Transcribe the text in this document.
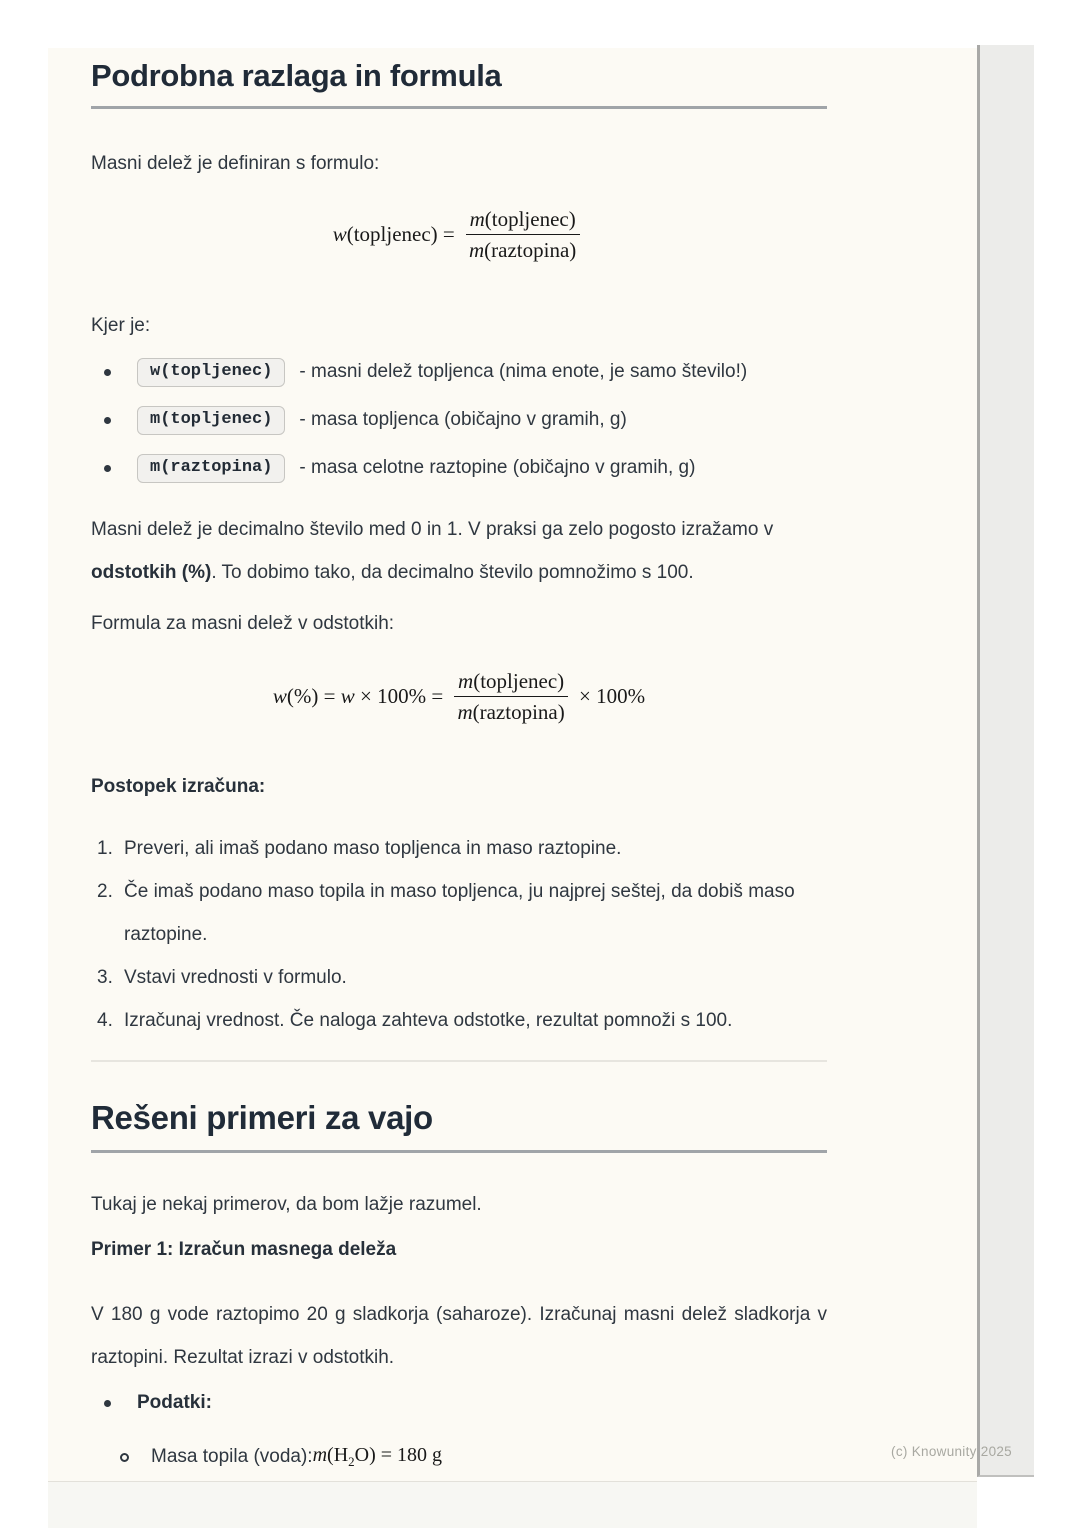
(c) Knowunity 2025
Podrobna razlaga in formula

Masni delež je definiran s formulo:

w(topljenec) = $\frac{\text{m(topljenec)}}{\text{m(raztopina)}}$

Kjer je:

w(topljenec)	- masni delež topljenca (nima enote, je samo število!)
m(topljenec)	- masa topljenca (običajno v gramih, g)
m(raztopina)	- masa celotne raztopine (običajno v gramih, g)

Masni delež je decimalno število med 0 in 1. V praksi ga zelo pogosto izražamo v odstotkih (%). To dobimo tako, da decimalno število pomnožimo s 100.

Formula za masni delež v odstotkih:

$w(\%) = w \times 100\% = \frac{\text{m(topljenec)}}{\text{m(raztopina)}} \times 100\%$
Postopek izračuna:
1. Preveri, ali imaš podano maso topljenca in maso raztopine.
2. Če imaš podano maso topila in maso topljenca, ju najprej seštej, da dobiš maso raztopine.
3. Vstavi vrednosti v formulo.
4. Izračunaj vrednost. Če naloga zahteva odstotke, rezultat pomnoži s 100.
Rešeni primeri za vajo

Tukaj je nekaj primerov, da bom lažje razumel.

Primer 1: Izračun masnega deleža

V 180 g vode raztopimo 20 g sladkorja (saharoze). Izračunaj masni delež sladkorja v raztopini. Rezultat izrazi v odstotkih.

Podatki:
Masa topila (voda): $m(H_2O) = 180$ g
